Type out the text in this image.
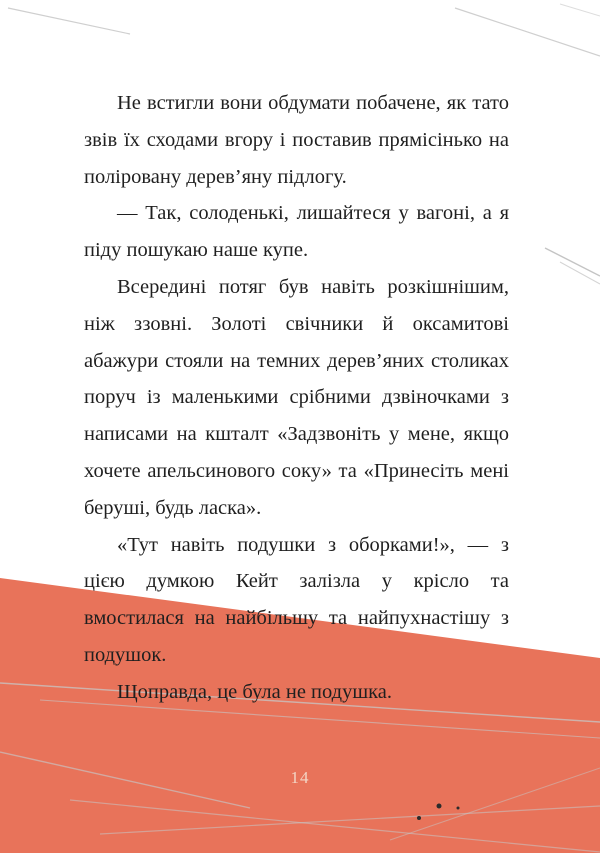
Не встигли вони обдумати побачене, як тато звів їх сходами вгору і поставив прямісінько на поліровану дерев’яну підлогу.

— Так, солоденькі, лишайтеся у вагоні, а я піду пошукаю наше купе.

Всередині потяг був навіть розкішнішим, ніж ззовні. Золоті свічники й оксамитові абажури стояли на темних дерев’яних столиках поруч із маленькими срібними дзвіночками з написами на кшталт «Задзвоніть у мене, якщо хочете апельсинового соку» та «Принесіть мені беруші, будь ласка».

«Тут навіть подушки з оборками!», — з цією думкою Кейт залізла у крісло та вмостилася на найбільшу та найпухнастішу з подушок.

Щоправда, це була не подушка.

14
